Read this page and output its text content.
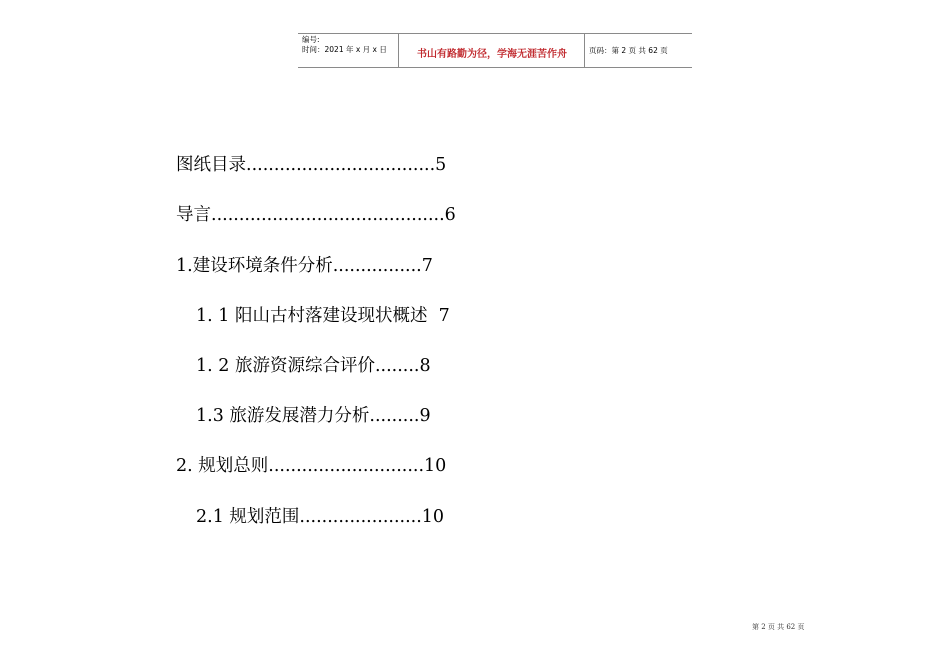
编号:
时间：2021 年 x 月 x 日	书山有路勤为径，学海无涯苦作舟	页码：第 2 页 共 62 页
图纸目录..................................5
导言..........................................6
1.建设环境条件分析................7
1. 1 阳山古村落建设现状概述 7
1. 2 旅游资源综合评价........8
1.3 旅游发展潜力分析.........9
2. 规划总则............................10
2.1 规划范围......................10
第 2 页 共 62 页
